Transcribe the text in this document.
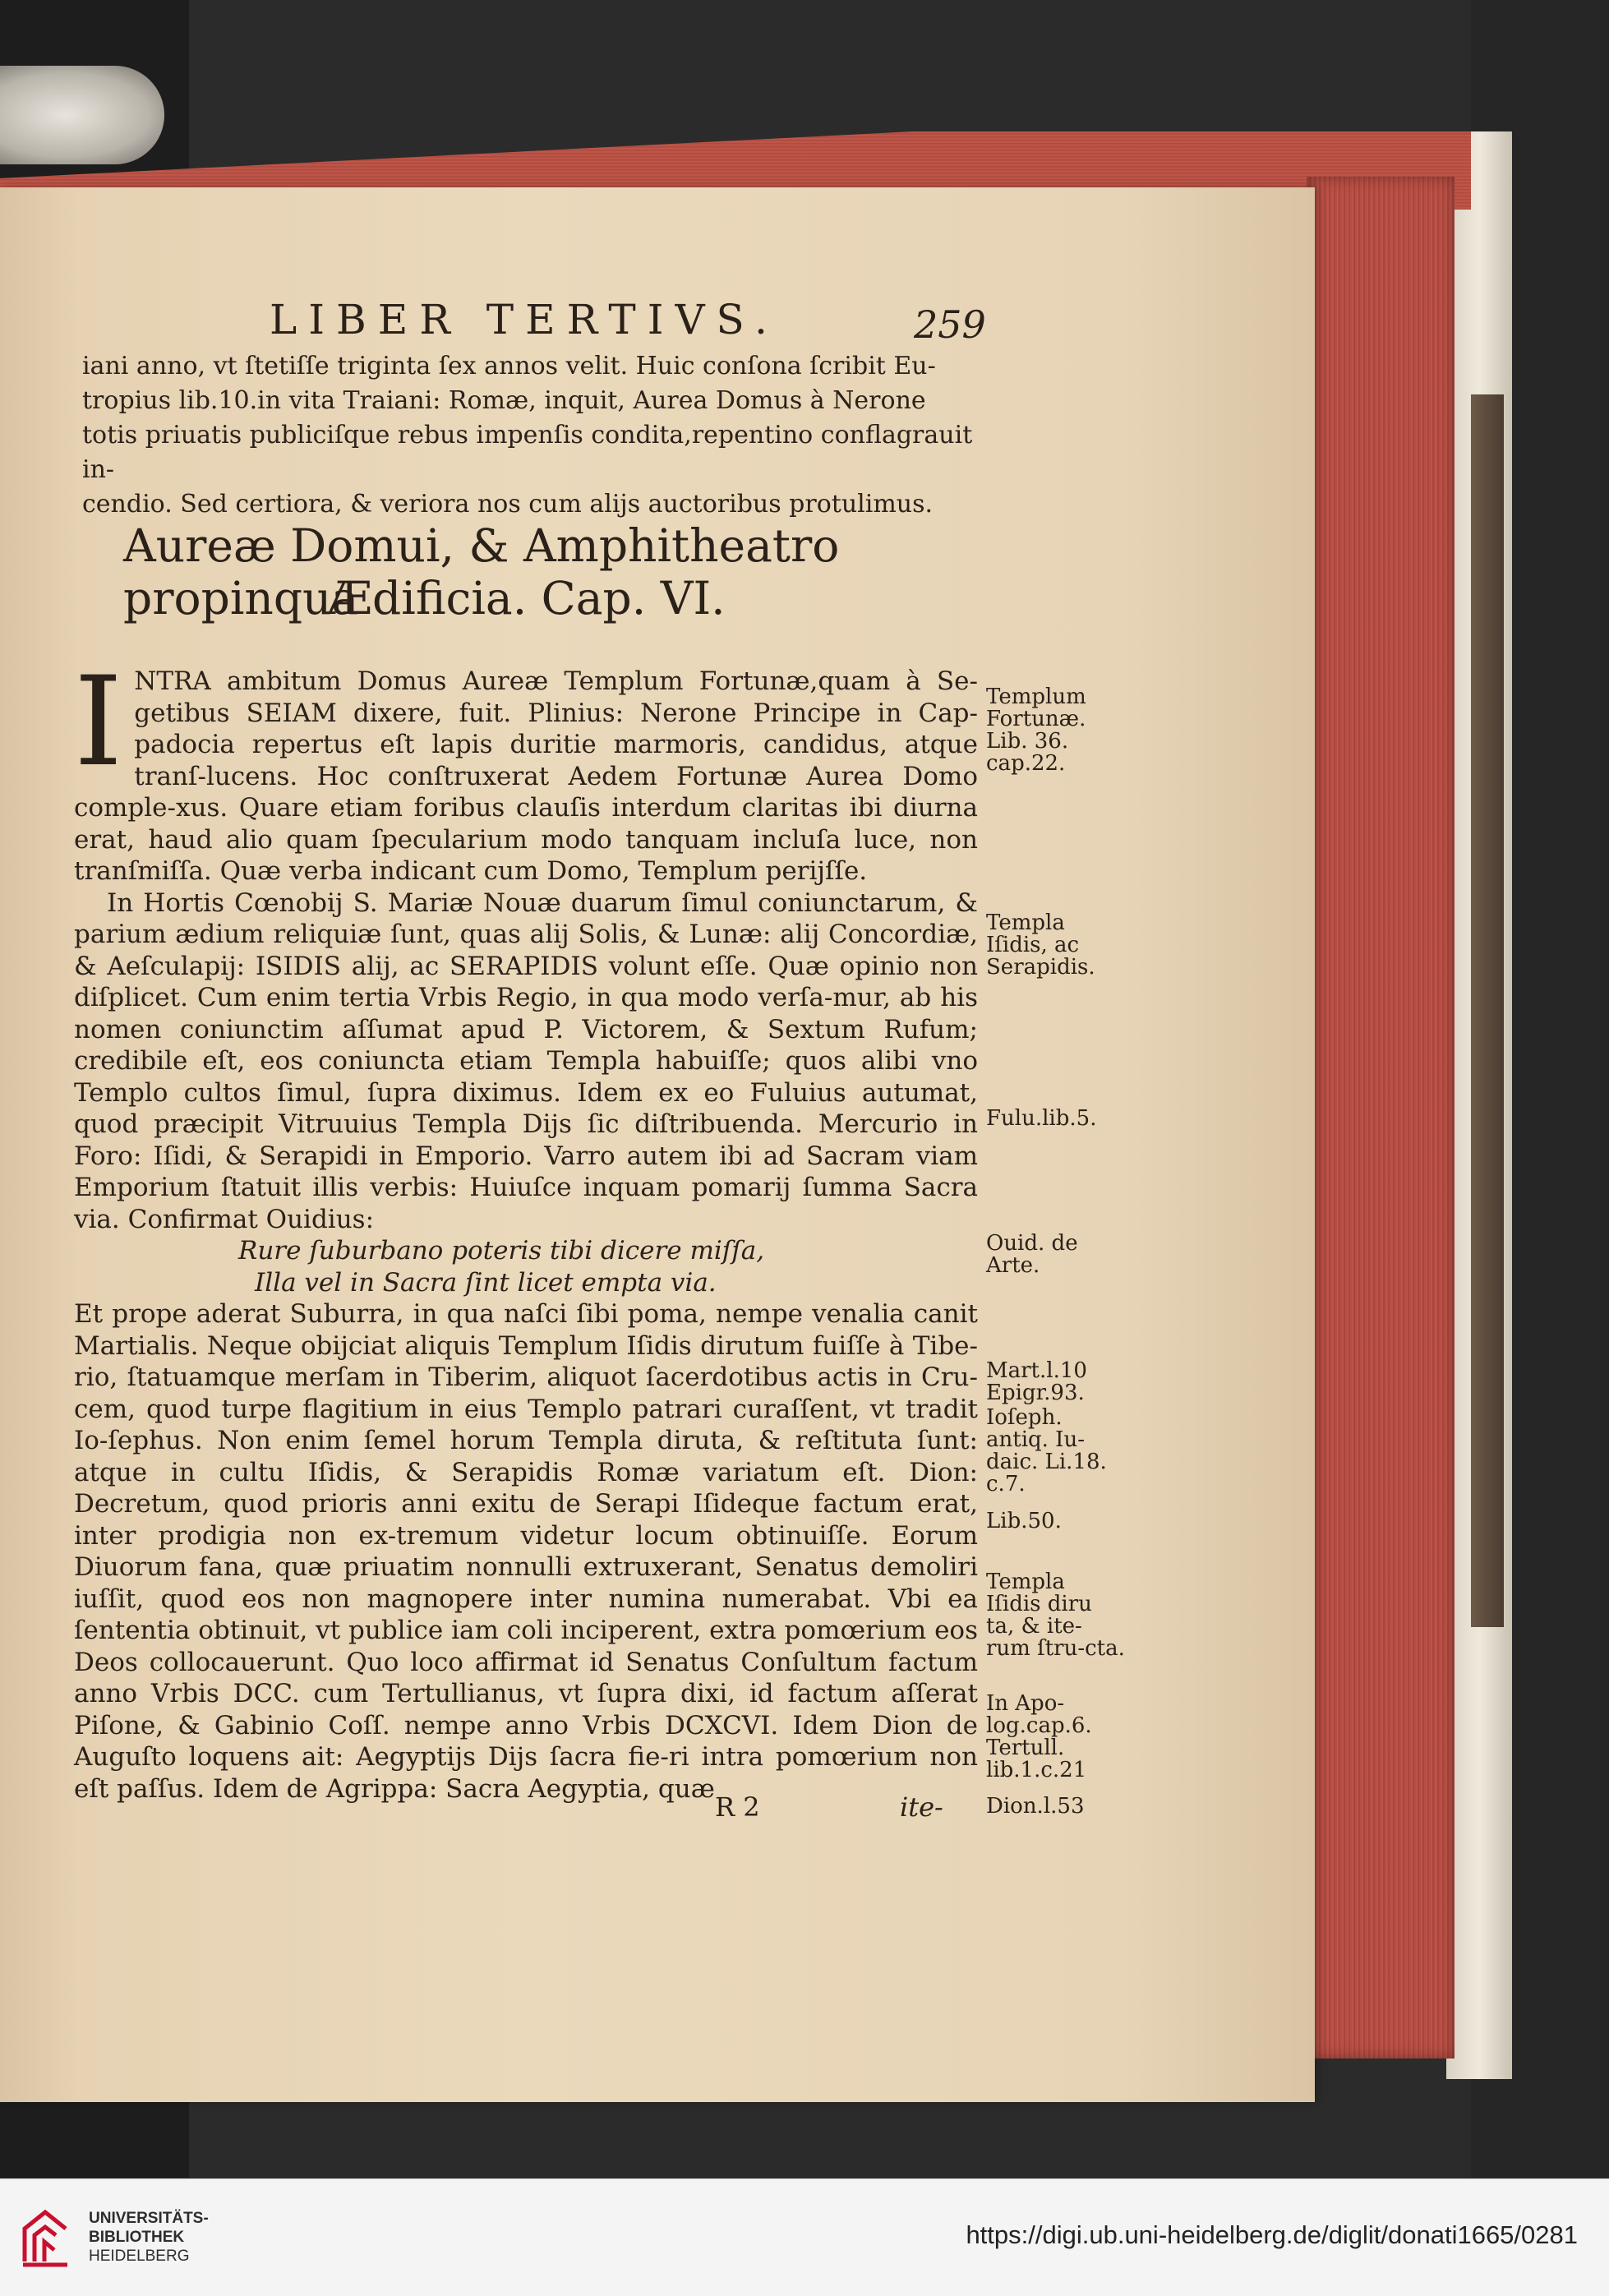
LIBER TERTIVS.	259
iani anno, vt ſtetiſſe triginta ſex annos velit. Huic conſona ſcribit Eu-
tropius lib.10.in vita Traiani: Romæ, inquit, Aurea Domus à Nerone
totis priuatis publiciſque rebus impenſis condita,repentino conflagrauit in-
cendio. Sed certiora, & veriora nos cum alijs auctoribus protulimus.
Aureæ Domui, & Amphitheatro propinqua
Ædificia. Cap. VI.

INTRA ambitum Domus Aureæ Templum Fortunæ,quam à Se-getibus SEIAM dixere, fuit. Plinius: Nerone Principe in Cap-padocia repertus eſt lapis duritie marmoris, candidus, atque tranſ-lucens. Hoc conſtruxerat Aedem Fortunæ Aurea Domo comple-xus. Quare etiam foribus clauſis interdum claritas ibi diurna erat, haud alio quam ſpecularium modo tanquam incluſa luce, non tranſmiſſa. Quæ verba indicant cum Domo, Templum perijſſe.

In Hortis Cœnobij S. Mariæ Nouæ duarum ſimul coniunctarum, & parium ædium reliquiæ ſunt, quas alij Solis, & Lunæ: alij Concordiæ, & Aeſculapij: ISIDIS alij, ac SERAPIDIS volunt eſſe. Quæ opinio non diſplicet. Cum enim tertia Vrbis Regio, in qua modo verſa-mur, ab his nomen coniunctim aſſumat apud P. Victorem, & Sextum Rufum; credibile eſt, eos coniuncta etiam Templa habuiſſe; quos alibi vno Templo cultos ſimul, ſupra diximus. Idem ex eo Fuluius autumat, quod præcipit Vitruuius Templa Dijs ſic diſtribuenda. Mercurio in Foro: Iſidi, & Serapidi in Emporio. Varro autem ibi ad Sacram viam Emporium ſtatuit illis verbis: Huiuſce inquam pomarij ſumma Sacra via. Confirmat Ouidius:

Rure ſuburbano poteris tibi dicere miſſa,

Illa vel in Sacra ſint licet empta via.

Et prope aderat Suburra, in qua naſci ſibi poma, nempe venalia canit Martialis. Neque obijciat aliquis Templum Iſidis dirutum fuiſſe à Tibe-rio, ſtatuamque merſam in Tiberim, aliquot ſacerdotibus actis in Cru-cem, quod turpe flagitium in eius Templo patrari curaſſent, vt tradit Io-ſephus. Non enim ſemel horum Templa diruta, & reſtituta ſunt: atque in cultu Iſidis, & Serapidis Romæ variatum eſt. Dion: Decretum, quod prioris anni exitu de Serapi Iſideque factum erat, inter prodigia non ex-tremum videtur locum obtinuiſſe. Eorum Diuorum fana, quæ priuatim nonnulli extruxerant, Senatus demoliri iuſſit, quod eos non magnopere inter numina numerabat. Vbi ea ſententia obtinuit, vt publice iam coli inciperent, extra pomœrium eos Deos collocauerunt. Quo loco affirmat id Senatus Conſultum factum anno Vrbis DCC. cum Tertullianus, vt ſupra dixi, id factum aſſerat Piſone, & Gabinio Coſſ. nempe anno Vrbis DCXCVI. Idem Dion de Auguſto loquens ait: Aegyptijs Dijs ſacra fie-ri intra pomœrium non eſt paſſus. Idem de Agrippa: Sacra Aegyptia, quæ

R 2	ite-
Templum Fortunæ. Lib. 36. cap.22.
Templa Iſidis, ac Serapidis.
Fulu.lib.5.
Ouid. de Arte.
Mart.l.10 Epigr.93.
Ioſeph. antiq. Iu-daic. Li.18. c.7.
Lib.50.
Templa Iſidis diru ta, & ite-rum ſtru-cta.
In Apo-log.cap.6. Tertull. lib.1.c.21
Dion.l.53
UNIVERSITÄTS-
BIBLIOTHEK
HEIDELBERG
https://digi.ub.uni-heidelberg.de/diglit/donati1665/0281
